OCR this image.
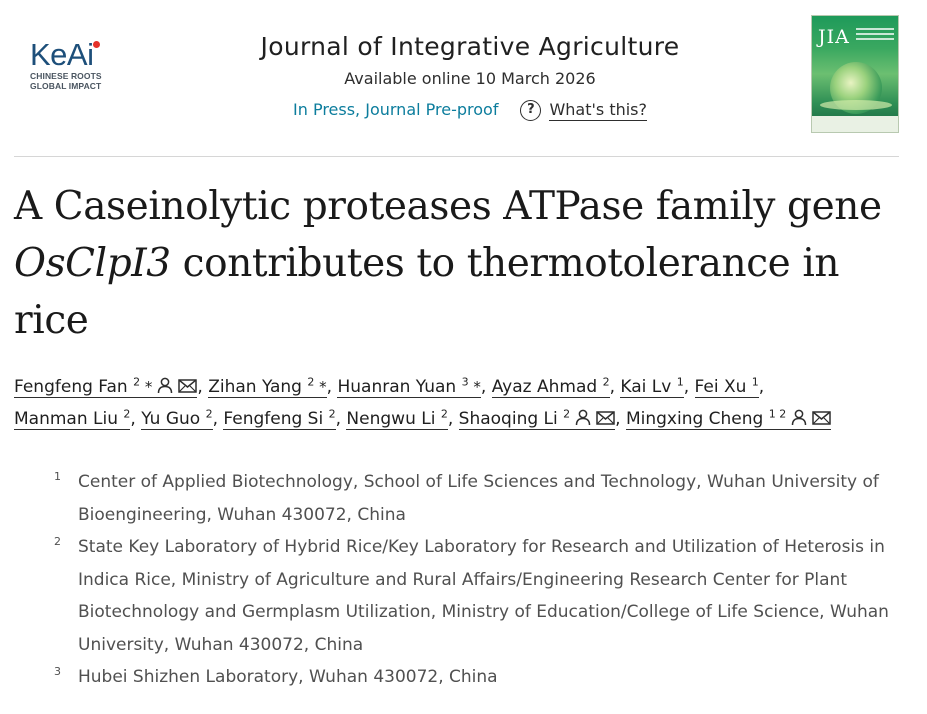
KeAi
CHINESE ROOTS
GLOBAL IMPACT
Journal of Integrative Agriculture
Available online 10 March 2026
In Press, Journal Pre-proof	? What's this?
JIA
A Caseinolytic proteases ATPase family gene
OsClpI3 contributes to thermotolerance in
rice
Fengfeng Fan $^2$ *	, Zihan Yang $^2$ *, Huanran Yuan $^3$ *, Ayaz Ahmad $^2$, Kai Lv $^1$, Fei Xu $^1$,
Manman Liu $^2$, Yu Guo $^2$, Fengfeng Si $^2$, Nengwu Li $^2$, Shaoqing Li $^2$	, Mingxing Cheng $^{1 2}$
1	Center of Applied Biotechnology, School of Life Sciences and Technology, Wuhan University of Bioengineering, Wuhan 430072, China
2	State Key Laboratory of Hybrid Rice/Key Laboratory for Research and Utilization of Heterosis in Indica Rice, Ministry of Agriculture and Rural Affairs/Engineering Research Center for Plant Biotechnology and Germplasm Utilization, Ministry of Education/College of Life Science, Wuhan University, Wuhan 430072, China
3	Hubei Shizhen Laboratory, Wuhan 430072, China
